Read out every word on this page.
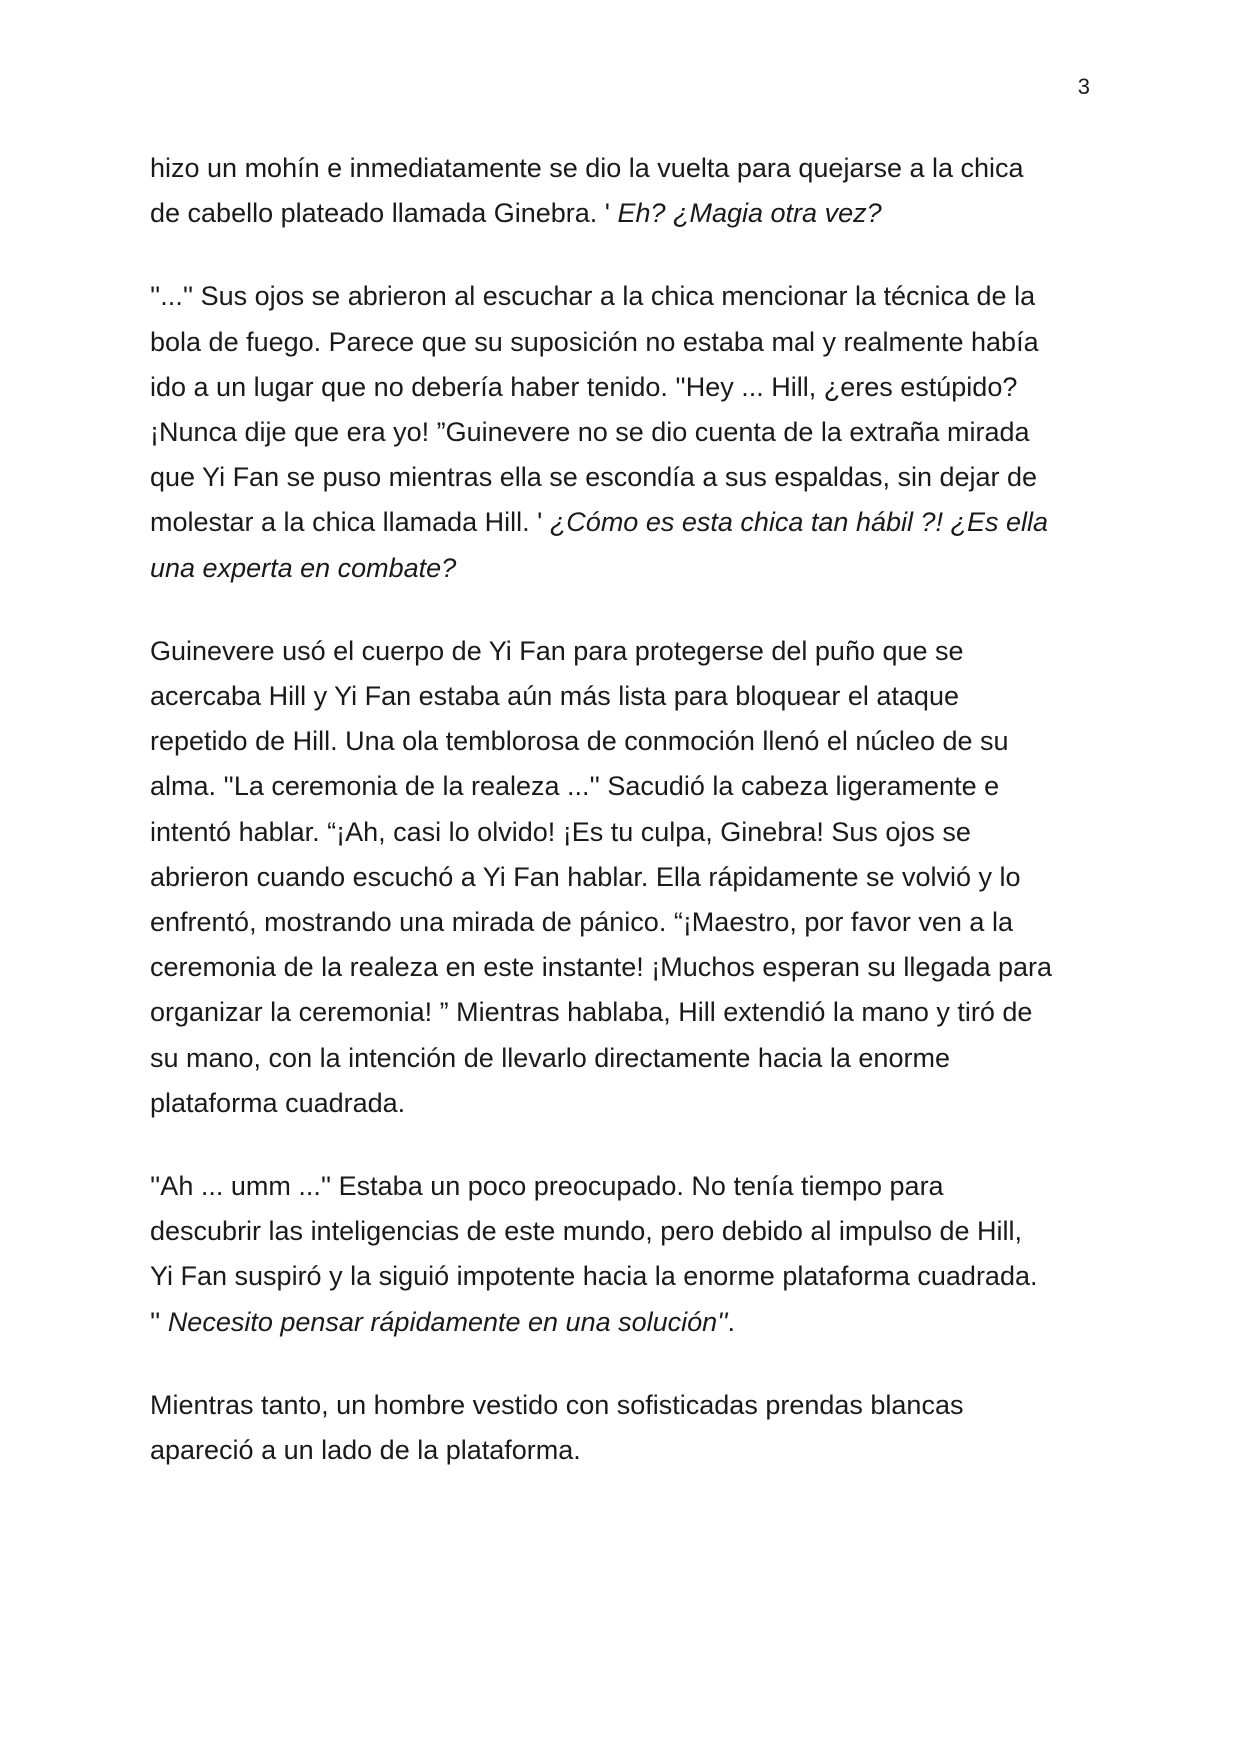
3

hizo un mohín e inmediatamente se dio la vuelta para quejarse a la chica
de cabello plateado llamada Ginebra. ' Eh? ¿Magia otra vez?

''...'' Sus ojos se abrieron al escuchar a la chica mencionar la técnica de la
bola de fuego. Parece que su suposición no estaba mal y realmente había
ido a un lugar que no debería haber tenido. ''Hey ... Hill, ¿eres estúpido?
¡Nunca dije que era yo! ”Guinevere no se dio cuenta de la extraña mirada
que Yi Fan se puso mientras ella se escondía a sus espaldas, sin dejar de
molestar a la chica llamada Hill. ' ¿Cómo es esta chica tan hábil ?! ¿Es ella
una experta en combate?

Guinevere usó el cuerpo de Yi Fan para protegerse del puño que se
acercaba Hill y Yi Fan estaba aún más lista para bloquear el ataque
repetido de Hill. Una ola temblorosa de conmoción llenó el núcleo de su
alma. ''La ceremonia de la realeza ...'' Sacudió la cabeza ligeramente e
intentó hablar. “¡Ah, casi lo olvido! ¡Es tu culpa, Ginebra! Sus ojos se
abrieron cuando escuchó a Yi Fan hablar. Ella rápidamente se volvió y lo
enfrentó, mostrando una mirada de pánico. “¡Maestro, por favor ven a la
ceremonia de la realeza en este instante! ¡Muchos esperan su llegada para
organizar la ceremonia! ” Mientras hablaba, Hill extendió la mano y tiró de
su mano, con la intención de llevarlo directamente hacia la enorme
plataforma cuadrada.

''Ah ... umm ...'' Estaba un poco preocupado. No tenía tiempo para
descubrir las inteligencias de este mundo, pero debido al impulso de Hill,
Yi Fan suspiró y la siguió impotente hacia la enorme plataforma cuadrada.
'' Necesito pensar rápidamente en una solución''.

Mientras tanto, un hombre vestido con sofisticadas prendas blancas
apareció a un lado de la plataforma.
